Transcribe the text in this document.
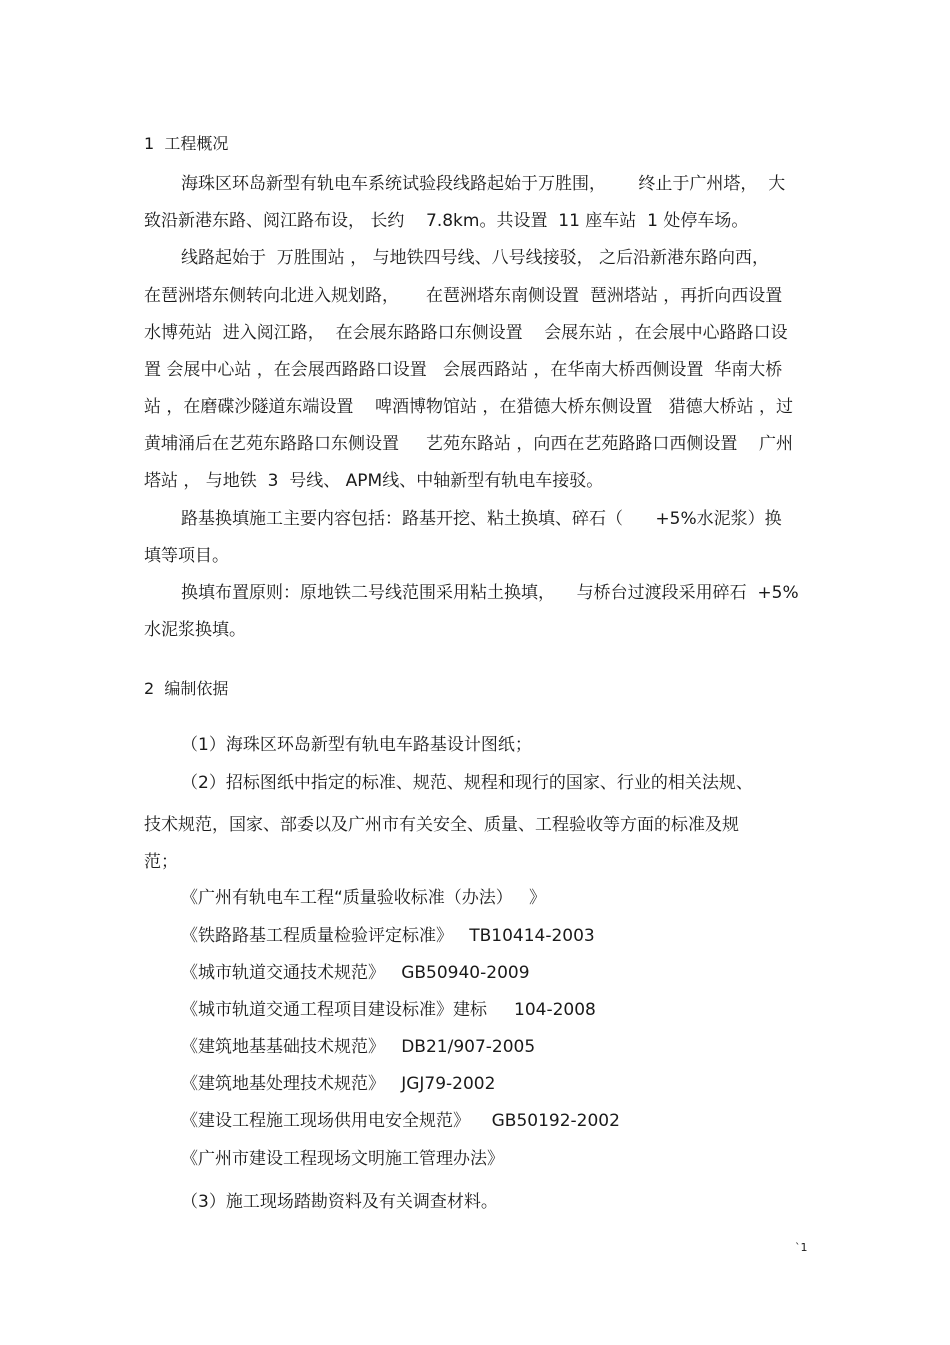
1  工程概况
海珠区环岛新型有轨电车系统试验段线路起始于万胜围，      终止于广州塔，  大
致沿新港东路、阅江路布设， 长约    7.8km。共设置  11 座车站  1 处停车场。
线路起始于  万胜围站 ， 与地铁四号线、八号线接驳， 之后沿新港东路向西，
在琶洲塔东侧转向北进入规划路，     在琶洲塔东南侧设置  琶洲塔站 ，再折向西设置
水博苑站  进入阅江路，  在会展东路路口东侧设置    会展东站 ，在会展中心路路口设
置 会展中心站 ，在会展西路路口设置   会展西路站 ，在华南大桥西侧设置  华南大桥
站 ，在磨碟沙隧道东端设置    啤酒博物馆站 ，在猎德大桥东侧设置   猎德大桥站 ，过
黄埔涌后在艺苑东路路口东侧设置     艺苑东路站 ，向西在艺苑路路口西侧设置    广州
塔站 ， 与地铁  3  号线、 APM线、中轴新型有轨电车接驳。
路基换填施工主要内容包括：路基开挖、粘土换填、碎石（      +5%水泥浆）换
填等项目。
换填布置原则：原地铁二号线范围采用粘土换填，    与桥台过渡段采用碎石  +5%
水泥浆换填。
2  编制依据
（1）海珠区环岛新型有轨电车路基设计图纸；
（2）招标图纸中指定的标准、规范、规程和现行的国家、行业的相关法规、
技术规范，国家、部委以及广州市有关安全、质量、工程验收等方面的标准及规
范；
《广州有轨电车工程“质量验收标准（办法）   》
《铁路路基工程质量检验评定标准》   TB10414-2003
《城市轨道交通技术规范》   GB50940-2009
《城市轨道交通工程项目建设标准》建标     104-2008
《建筑地基基础技术规范》   DB21/907-2005
《建筑地基处理技术规范》   JGJ79-2002
《建设工程施工现场供用电安全规范》    GB50192-2002
《广州市建设工程现场文明施工管理办法》
（3）施工现场踏勘资料及有关调查材料。
`1
